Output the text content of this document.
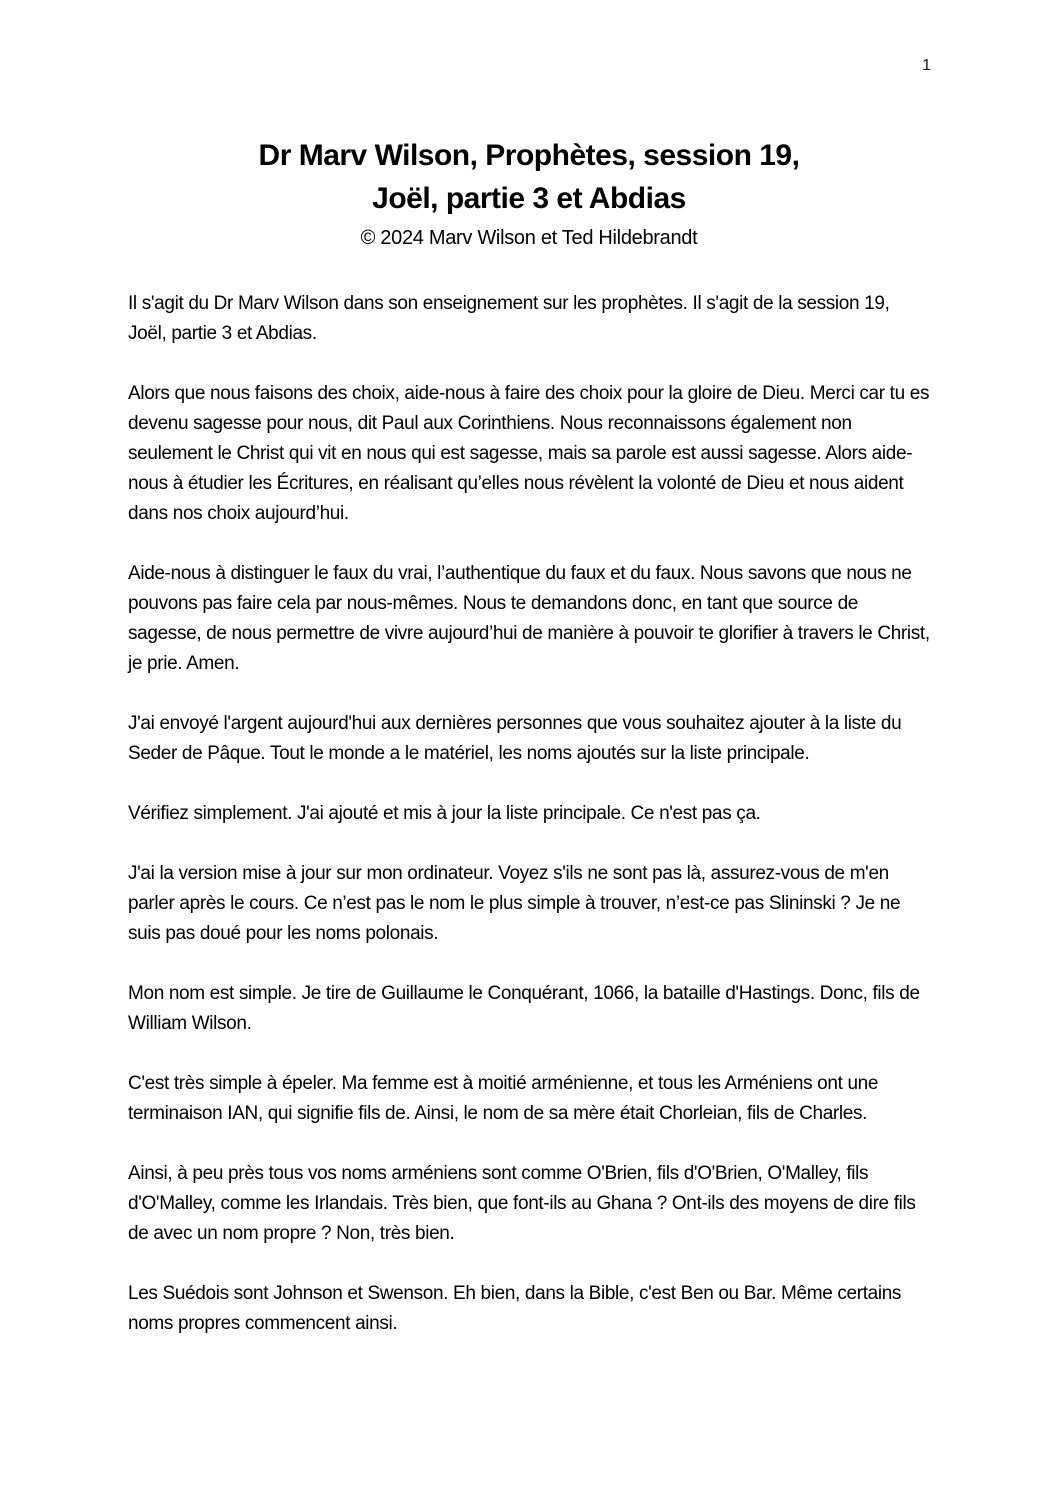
1
Dr Marv Wilson, Prophètes, session 19,
Joël, partie 3 et Abdias
© 2024 Marv Wilson et Ted Hildebrandt

Il s'agit du Dr Marv Wilson dans son enseignement sur les prophètes. Il s'agit de la session 19, Joël, partie 3 et Abdias.

Alors que nous faisons des choix, aide-nous à faire des choix pour la gloire de Dieu. Merci car tu es devenu sagesse pour nous, dit Paul aux Corinthiens. Nous reconnaissons également non seulement le Christ qui vit en nous qui est sagesse, mais sa parole est aussi sagesse. Alors aide-nous à étudier les Écritures, en réalisant qu’elles nous révèlent la volonté de Dieu et nous aident dans nos choix aujourd’hui.

Aide-nous à distinguer le faux du vrai, l’authentique du faux et du faux. Nous savons que nous ne pouvons pas faire cela par nous-mêmes. Nous te demandons donc, en tant que source de sagesse, de nous permettre de vivre aujourd’hui de manière à pouvoir te glorifier à travers le Christ, je prie. Amen.

J'ai envoyé l'argent aujourd'hui aux dernières personnes que vous souhaitez ajouter à la liste du Seder de Pâque. Tout le monde a le matériel, les noms ajoutés sur la liste principale.

Vérifiez simplement. J'ai ajouté et mis à jour la liste principale. Ce n'est pas ça.

J'ai la version mise à jour sur mon ordinateur. Voyez s'ils ne sont pas là, assurez-vous de m'en parler après le cours. Ce n’est pas le nom le plus simple à trouver, n’est-ce pas Slininski ? Je ne suis pas doué pour les noms polonais.

Mon nom est simple. Je tire de Guillaume le Conquérant, 1066, la bataille d'Hastings. Donc, fils de William Wilson.

C'est très simple à épeler. Ma femme est à moitié arménienne, et tous les Arméniens ont une terminaison IAN, qui signifie fils de. Ainsi, le nom de sa mère était Chorleian, fils de Charles.

Ainsi, à peu près tous vos noms arméniens sont comme O'Brien, fils d'O'Brien, O'Malley, fils d'O'Malley, comme les Irlandais. Très bien, que font-ils au Ghana ? Ont-ils des moyens de dire fils de avec un nom propre ? Non, très bien.

Les Suédois sont Johnson et Swenson. Eh bien, dans la Bible, c'est Ben ou Bar. Même certains noms propres commencent ainsi.
